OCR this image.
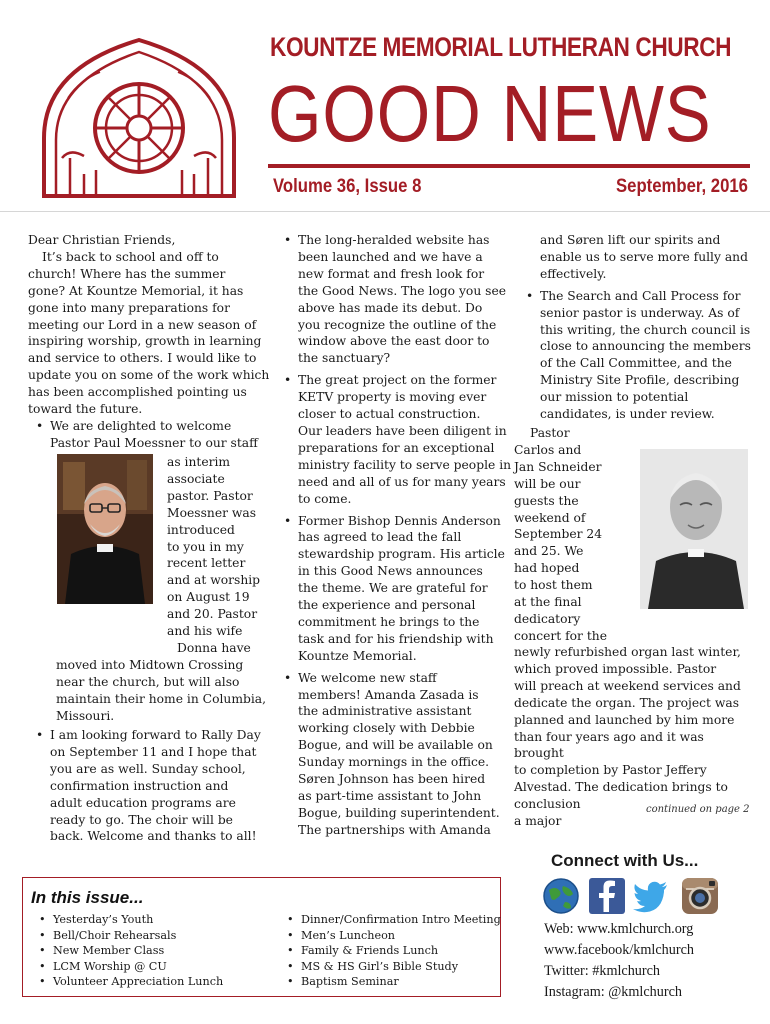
KOUNTZE MEMORIAL LUTHERAN CHURCH
GOOD NEWS
Volume 36, Issue 8	September, 2016
Dear Christian Friends,
It’s back to school and off to
church! Where has the summer
gone? At Kountze Memorial, it has
gone into many preparations for
meeting our Lord in a new season of
inspiring worship, growth in learning
and service to others. I would like to
update you on some of the work which
has been accomplished pointing us
toward the future.
• We are delighted to welcome
Pastor Paul Moessner to our staff
as interim
associate
pastor. Pastor
Moessner was
introduced
to you in my
recent letter
and at worship
on August 19
and 20. Pastor
and his wife
Donna have
moved into Midtown Crossing
near the church, but will also
maintain their home in Columbia,
Missouri.
• I am looking forward to Rally Day
on September 11 and I hope that
you are as well. Sunday school,
confirmation instruction and
adult education programs are
ready to go. The choir will be
back. Welcome and thanks to all!
• The long-heralded website has
been launched and we have a
new format and fresh look for
the Good News. The logo you see
above has made its debut. Do
you recognize the outline of the
window above the east door to
the sanctuary?
• The great project on the former
KETV property is moving ever
closer to actual construction.
Our leaders have been diligent in
preparations for an exceptional
ministry facility to serve people in
need and all of us for many years
to come.
• Former Bishop Dennis Anderson
has agreed to lead the fall
stewardship program. His article
in this Good News announces
the theme. We are grateful for
the experience and personal
commitment he brings to the
task and for his friendship with
Kountze Memorial.
• We welcome new staff
members! Amanda Zasada is
the administrative assistant
working closely with Debbie
Bogue, and will be available on
Sunday mornings in the office.
Søren Johnson has been hired
as part-time assistant to John
Bogue, building superintendent.
The partnerships with Amanda
and Søren lift our spirits and
enable us to serve more fully and
effectively.
• The Search and Call Process for
senior pastor is underway. As of
this writing, the church council is
close to announcing the members
of the Call Committee, and the
Ministry Site Profile, describing
our mission to potential
candidates, is under review.
Pastor
Carlos and
Jan Schneider
will be our
guests the
weekend of
September 24
and 25. We
had hoped
to host them
at the final
dedicatory
concert for the
newly refurbished organ last winter,
which proved impossible. Pastor
will preach at weekend services and
dedicate the organ. The project was
planned and launched by him more
than four years ago and it was brought
to completion by Pastor Jeffery
Alvestad. The dedication brings to
conclusion
a major
continued on page 2
In this issue...
• Yesterday’s Youth
• Bell/Choir Rehearsals
• New Member Class
• LCM Worship @ CU
• Volunteer Appreciation Lunch
• Dinner/Confirmation Intro Meeting
• Men’s Luncheon
• Family & Friends Lunch
• MS & HS Girl’s Bible Study
• Baptism Seminar
Connect with Us...
Web: www.kmlchurch.org
www.facebook/kmlchurch
Twitter: #kmlchurch
Instagram: @kmlchurch
